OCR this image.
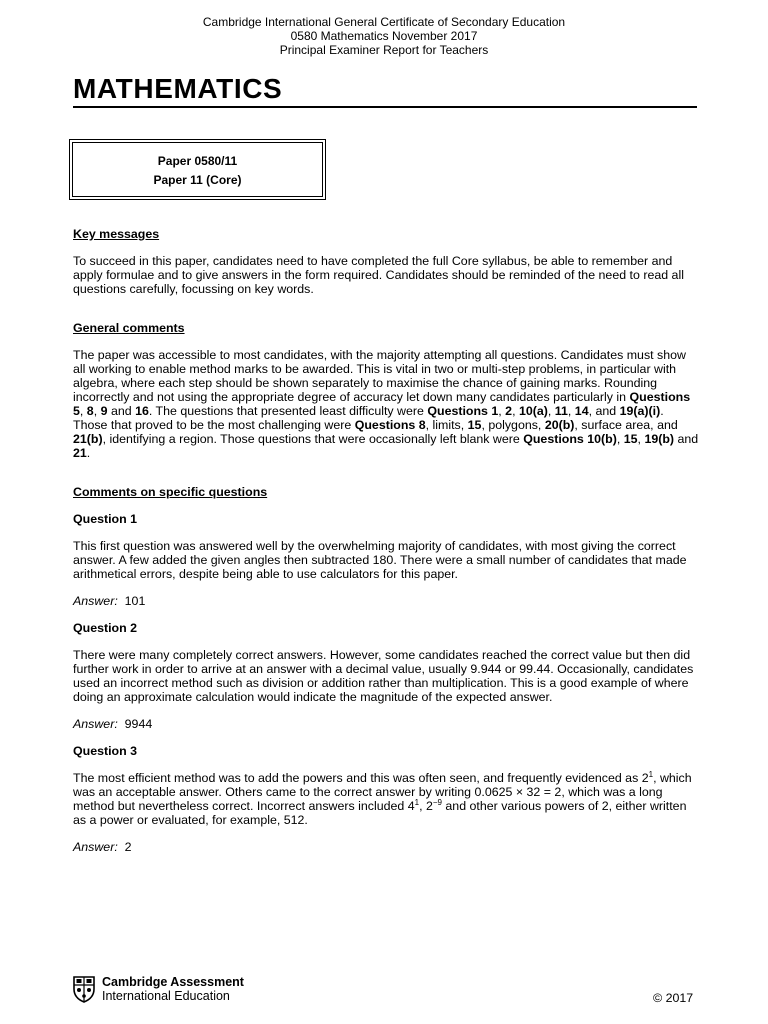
Cambridge International General Certificate of Secondary Education
0580 Mathematics November 2017
Principal Examiner Report for Teachers
MATHEMATICS
Paper 0580/11
Paper 11 (Core)
Key messages

To succeed in this paper, candidates need to have completed the full Core syllabus, be able to remember and apply formulae and to give answers in the form required. Candidates should be reminded of the need to read all questions carefully, focussing on key words.

General comments

The paper was accessible to most candidates, with the majority attempting all questions. Candidates must show all working to enable method marks to be awarded. This is vital in two or multi-step problems, in particular with algebra, where each step should be shown separately to maximise the chance of gaining marks. Rounding incorrectly and not using the appropriate degree of accuracy let down many candidates particularly in Questions 5, 8, 9 and 16. The questions that presented least difficulty were Questions 1, 2, 10(a), 11, 14, and 19(a)(i). Those that proved to be the most challenging were Questions 8, limits, 15, polygons, 20(b), surface area, and 21(b), identifying a region. Those questions that were occasionally left blank were Questions 10(b), 15, 19(b) and 21.

Comments on specific questions
Question 1

This first question was answered well by the overwhelming majority of candidates, with most giving the correct answer. A few added the given angles then subtracted 180. There were a small number of candidates that made arithmetical errors, despite being able to use calculators for this paper.

Answer: 101
Question 2

There were many completely correct answers. However, some candidates reached the correct value but then did further work in order to arrive at an answer with a decimal value, usually 9.944 or 99.44. Occasionally, candidates used an incorrect method such as division or addition rather than multiplication. This is a good example of where doing an approximate calculation would indicate the magnitude of the expected answer.

Answer: 9944
Question 3

The most efficient method was to add the powers and this was often seen, and frequently evidenced as $2^1$, which was an acceptable answer. Others came to the correct answer by writing 0.0625 × 32 = 2, which was a long method but nevertheless correct. Incorrect answers included $4^1$, $2^{-9}$ and other various powers of 2, either written as a power or evaluated, for example, 512.

Answer: 2
Cambridge Assessment
International Education	© 2017
